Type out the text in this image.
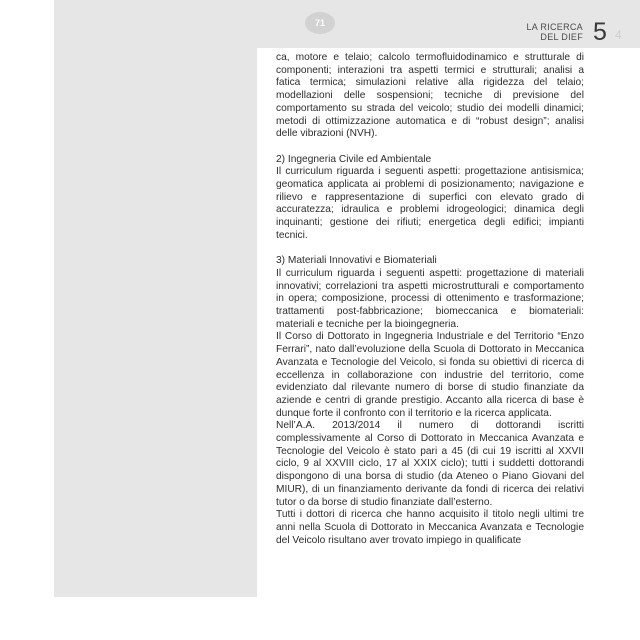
71	LA RICERCA
DEL DIEF 5 4

ca, motore e telaio; calcolo termofluidodinamico e strutturale di componenti; interazioni tra aspetti termici e strutturali; analisi a fatica termica; simulazioni relative alla rigidezza del telaio; modellazioni delle sospensioni; tecniche di previsione del comportamento su strada del veicolo; studio dei modelli dinamici; metodi di ottimizzazione automatica e di “robust design”; analisi delle vibrazioni (NVH).

2) Ingegneria Civile ed Ambientale

Il curriculum riguarda i seguenti aspetti: progettazione antisismica; geomatica applicata ai problemi di posizionamento; navigazione e rilievo e rappresentazione di superfici con elevato grado di accuratezza; idraulica e problemi idrogeologici; dinamica degli inquinanti; gestione dei rifiuti; energetica degli edifici; impianti tecnici.

3) Materiali Innovativi e Biomateriali

Il curriculum riguarda i seguenti aspetti: progettazione di materiali innovativi; correlazioni tra aspetti microstrutturali e comportamento in opera; composizione, processi di ottenimento e trasformazione; trattamenti post-fabbricazione; biomeccanica e biomateriali: materiali e tecniche per la bioingegneria.

Il Corso di Dottorato in Ingegneria Industriale e del Territorio “Enzo Ferrari”, nato dall’evoluzione della Scuola di Dottorato in Meccanica Avanzata e Tecnologie del Veicolo, si fonda su obiettivi di ricerca di eccellenza in collaborazione con industrie del territorio, come evidenziato dal rilevante numero di borse di studio finanziate da aziende e centri di grande prestigio. Accanto alla ricerca di base è dunque forte il confronto con il territorio e la ricerca applicata.

Nell’A.A. 2013/2014 il numero di dottorandi iscritti complessivamente al Corso di Dottorato in Meccanica Avanzata e Tecnologie del Veicolo è stato pari a 45 (di cui 19 iscritti al XXVII ciclo, 9 al XXVIII ciclo, 17 al XXIX ciclo); tutti i suddetti dottorandi dispongono di una borsa di studio (da Ateneo o Piano Giovani del MIUR), di un finanziamento derivante da fondi di ricerca dei relativi tutor o da borse di studio finanziate dall’esterno.

Tutti i dottori di ricerca che hanno acquisito il titolo negli ultimi tre anni nella Scuola di Dottorato in Meccanica Avanzata e Tecnologie del Veicolo risultano aver trovato impiego in qualificate
